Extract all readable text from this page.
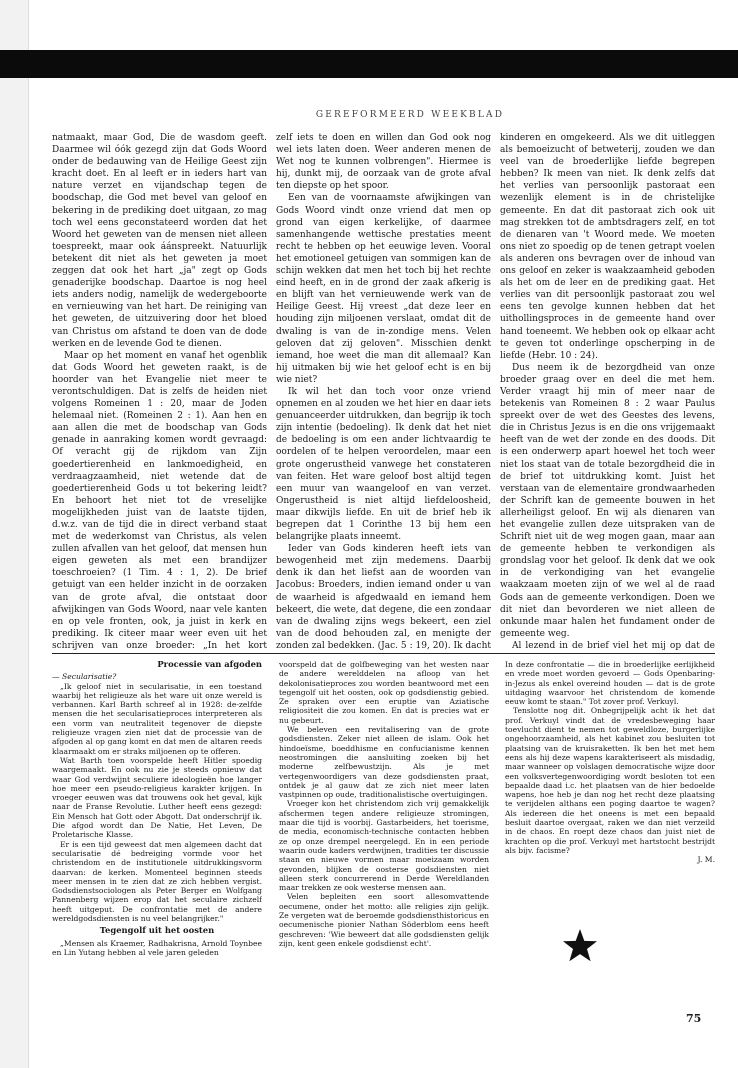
GEREFORMEERD WEEKBLAD

natmaakt, maar God, Die de wasdom geeft. Daarmee wil óók gezegd zijn dat Gods Woord onder de bedauwing van de Heilige Geest zijn kracht doet. En al leeft er in ieders hart van nature verzet en vijandschap tegen de boodschap, die God met bevel van geloof en bekering in de prediking doet uitgaan, zo mag toch wel eens geconstateerd worden dat het Woord het geweten van de mensen niet alleen toespreekt, maar ook áánspreekt. Natuurlijk betekent dit niet als het geweten ja moet zeggen dat ook het hart „ja" zegt op Gods genaderijke boodschap. Daartoe is nog heel iets anders nodig, namelijk de wedergeboorte en vernieuwing van het hart. De reiniging van het geweten, de uitzuivering door het bloed van Christus om afstand te doen van de dode werken en de levende God te dienen.

Maar op het moment en vanaf het ogenblik dat Gods Woord het geweten raakt, is de hoorder van het Evangelie niet meer te verontschuldigen. Dat is zelfs de heiden niet volgens Romeinen 1 : 20, maar de Joden helemaal niet. (Romeinen 2 : 1). Aan hen en aan allen die met de boodschap van Gods genade in aanraking komen wordt gevraagd: Of veracht gij de rijkdom van Zijn goedertierenheid en lankmoedigheid, en verdraagzaamheid, niet wetende dat de goedertierenheid Gods u tot bekering leidt? En behoort het niet tot de vreselijke mogelijkheden juist van de laatste tijden, d.w.z. van de tijd die in direct verband staat met de wederkomst van Christus, als velen zullen afvallen van het geloof, dat mensen hun eigen geweten als met een brandijzer toeschroeien? (1 Tim. 4 : 1, 2). De brief getuigt van een helder inzicht in de oorzaken van de grote afval, die ontstaat door afwijkingen van Gods Woord, naar vele kanten en op vele fronten, ook, ja juist in kerk en prediking. Ik citeer maar weer even uit het schrijven van onze broeder: „In het kort

zelf iets te doen en willen dan God ook nog wel iets laten doen. Weer anderen menen de Wet nog te kunnen volbrengen". Hiermee is hij, dunkt mij, de oorzaak van de grote afval ten diepste op het spoor.

Een van de voornaamste afwijkingen van Gods Woord vindt onze vriend dat men op grond van eigen kerkelijke, of daarmee samenhangende wettische prestaties meent recht te hebben op het eeuwige leven. Vooral het emotioneel getuigen van sommigen kan de schijn wekken dat men het toch bij het rechte eind heeft, en in de grond der zaak afkerig is en blijft van het vernieuwende werk van de Heilige Geest. Hij vreest „dat deze leer en houding zijn miljoenen verslaat, omdat dit de dwaling is van de in-zondige mens. Velen geloven dat zij geloven". Misschien denkt iemand, hoe weet die man dit allemaal? Kan hij uitmaken bij wie het geloof echt is en bij wie niet?

Ik wil het dan toch voor onze vriend opnemen en al zouden we het hier en daar iets genuanceerder uitdrukken, dan begrijp ik toch zijn intentie (bedoeling). Ik denk dat het niet de bedoeling is om een ander lichtvaardig te oordelen of te helpen veroordelen, maar een grote ongerustheid vanwege het constateren van feiten. Het ware geloof bost altijd tegen een muur van waangeloof en van verzet. Ongerustheid is niet altijd liefdeloosheid, maar dikwijls liefde. En uit de brief heb ik begrepen dat 1 Corinthe 13 bij hem een belangrijke plaats inneemt.

Ieder van Gods kinderen heeft iets van bewogenheid met zijn medemens. Daarbij denk ik dan het liefst aan de woorden van Jacobus: Broeders, indien iemand onder u van de waarheid is afgedwaald en iemand hem bekeert, die wete, dat degene, die een zondaar van de dwaling zijns wegs bekeert, een ziel van de dood behouden zal, en menigte der zonden zal bedekken. (Jac. 5 : 19, 20). Ik dacht

kinderen en omgekeerd. Als we dit uitleggen als bemoeizucht of betweterij, zouden we dan veel van de broederlijke liefde begrepen hebben? Ik meen van niet. Ik denk zelfs dat het verlies van persoonlijk pastoraat een wezenlijk element is in de christelijke gemeente. En dat dit pastoraat zich ook uit mag strekken tot de ambtsdragers zelf, en tot de dienaren van 't Woord mede. We moeten ons niet zo spoedig op de tenen getrapt voelen als anderen ons bevragen over de inhoud van ons geloof en zeker is waakzaamheid geboden als het om de leer en de prediking gaat. Het verlies van dit persoonlijk pastoraat zou wel eens ten gevolge kunnen hebben dat het uithollingsproces in de gemeente hand over hand toeneemt. We hebben ook op elkaar acht te geven tot onderlinge opscherping in de liefde (Hebr. 10 : 24).

Dus neem ik de bezorgdheid van onze broeder graag over en deel die met hem. Verder vraagt hij min of meer naar de betekenis van Romeinen 8 : 2 waar Paulus spreekt over de wet des Geestes des levens, die in Christus Jezus is en die ons vrijgemaakt heeft van de wet der zonde en des doods. Dit is een onderwerp apart hoewel het toch weer niet los staat van de totale bezorgdheid die in de brief tot uitdrukking komt. Juist het verstaan van de elementaire grondwaarheden der Schrift kan de gemeente bouwen in het allerheiligst geloof. En wij als dienaren van het evangelie zullen deze uitspraken van de Schrift niet uit de weg mogen gaan, maar aan de gemeente hebben te verkondigen als grondslag voor het geloof. Ik denk dat we ook in de verkondiging van het evangelie waakzaam moeten zijn of we wel al de raad Gods aan de gemeente verkondigen. Doen we dit niet dan bevorderen we niet alleen de onkunde maar halen het fundament onder de gemeente weg.

Al lezend in de brief viel het mij op dat de

Processie van afgoden

— Secularisatie?

„Ik geloof niet in secularisatie, in een toestand waarbij het religieuze als het ware uit onze wereld is verbannen. Karl Barth schreef al in 1928: de-zelfde mensen die het secularisatieproces interpreteren als een vorm van neutraliteit tegenover de diepste religieuze vragen zien niet dat de processie van de afgoden al op gang komt en dat men de altaren reeds klaarmaakt om er straks miljoenen op te offeren.

Wat Barth toen voorspelde heeft Hitler spoedig waargemaakt. En ook nu zie je steeds opnieuw dat waar God verdwijnt seculiere ideologieën hoe langer hoe meer een pseudo-religieus karakter krijgen. In vroeger eeuwen was dat trouwens ook het geval, kijk naar de Franse Revolutie. Luther heeft eens gezegd: Ein Mensch hat Gott oder Abgott. Dat onderschrijf ik. Die afgod wordt dan De Natie, Het Leven, De Proletarische Klasse.

Er is een tijd geweest dat men algemeen dacht dat secularisatie dé bedreiging vormde voor het christendom en de institutionele uitdrukkingsvorm daarvan: de kerken. Momenteel beginnen steeds meer mensen in te zien dat ze zich hebben vergist. Godsdienstsociologen als Peter Berger en Wolfgang Pannenberg wijzen erop dat het seculaire zichzelf heeft uitgeput. De confrontatie met de andere wereldgodsdiensten is nu veel belangrijker."

Tegengolf uit het oosten

„Mensen als Kraemer, Radhakrisna, Arnold Toynbee en Lin Yutang hebben al vele jaren geleden

voorspeld dat de golfbeweging van het westen naar de andere werelddelen na afloop van het dekolonisatieproces zou worden beantwoord met een tegengolf uit het oosten, ook op godsdienstig gebied. Ze spraken over een eruptie van Aziatische religiositeit die zou komen. En dat is precies wat er nu gebeurt.

We beleven een revitalisering van de grote godsdiensten. Zeker niet alleen de islam. Ook het hindoeïsme, boeddhisme en confucianisme kennen neostromingen die aansluiting zoeken bij het moderne zelfbewustzijn. Als je met vertegenwoordigers van deze godsdiensten praat, ontdek je al gauw dat ze zich niet meer laten vastpinnen op oude, traditionalistische overtuigingen.

Vroeger kon het christendom zich vrij gemakkelijk afschermen tegen andere religieuze stromingen, maar die tijd is voorbij. Gastarbeiders, het toerisme, de media, economisch-technische contacten hebben ze op onze drempel neergelegd. En in een periode waarin oude kaders verdwijnen, tradities ter discussie staan en nieuwe vormen maar moeizaam worden gevonden, blijken de oosterse godsdiensten niet alleen sterk concurrerend in Derde Wereldlanden maar trekken ze ook westerse mensen aan.

Velen bepleiten een soort allesomvattende oecumene, onder het motto: alle religies zijn gelijk. Ze vergeten wat de beroemde godsdiensthistoricus en oecumenische pionier Nathan Söderblom eens heeft geschreven: 'Wie beweert dat alle godsdiensten gelijk zijn, kent geen enkele godsdienst echt'.

In deze confrontatie — die in broederlijke eerlijkheid en vrede moet worden gevoerd — Gods Openbaring-in-Jezus als enkel overeind houden — dat is de grote uitdaging waarvoor het christendom de komende eeuw komt te staan." Tot zover prof. Verkuyl.

Tenslotte nog dit. Onbegrijpelijk acht ik het dat prof. Verkuyl vindt dat de vredesbeweging haar toevlucht dient te nemen tot geweldloze, burgerlijke ongehoorzaamheid, als het kabinet zou besluiten tot plaatsing van de kruisraketten. Ik ben het met hem eens als hij deze wapens karakteriseert als misdadig, maar wanneer op volslagen democratische wijze door een volksvertegenwoordiging wordt besloten tot een bepaalde daad i.c. het plaatsen van de hier bedoelde wapens, hoe heb je dan nog het recht deze plaatsing te verijdelen althans een poging daartoe te wagen? Als iedereen die het oneens is met een bepaald besluit daartoe overgaat, raken we dan niet verzeild in de chaos. En roept deze chaos dan juist niet de krachten op die prof. Verkuyl met hartstocht bestrijdt als bijv. facisme?

J. M.
75
